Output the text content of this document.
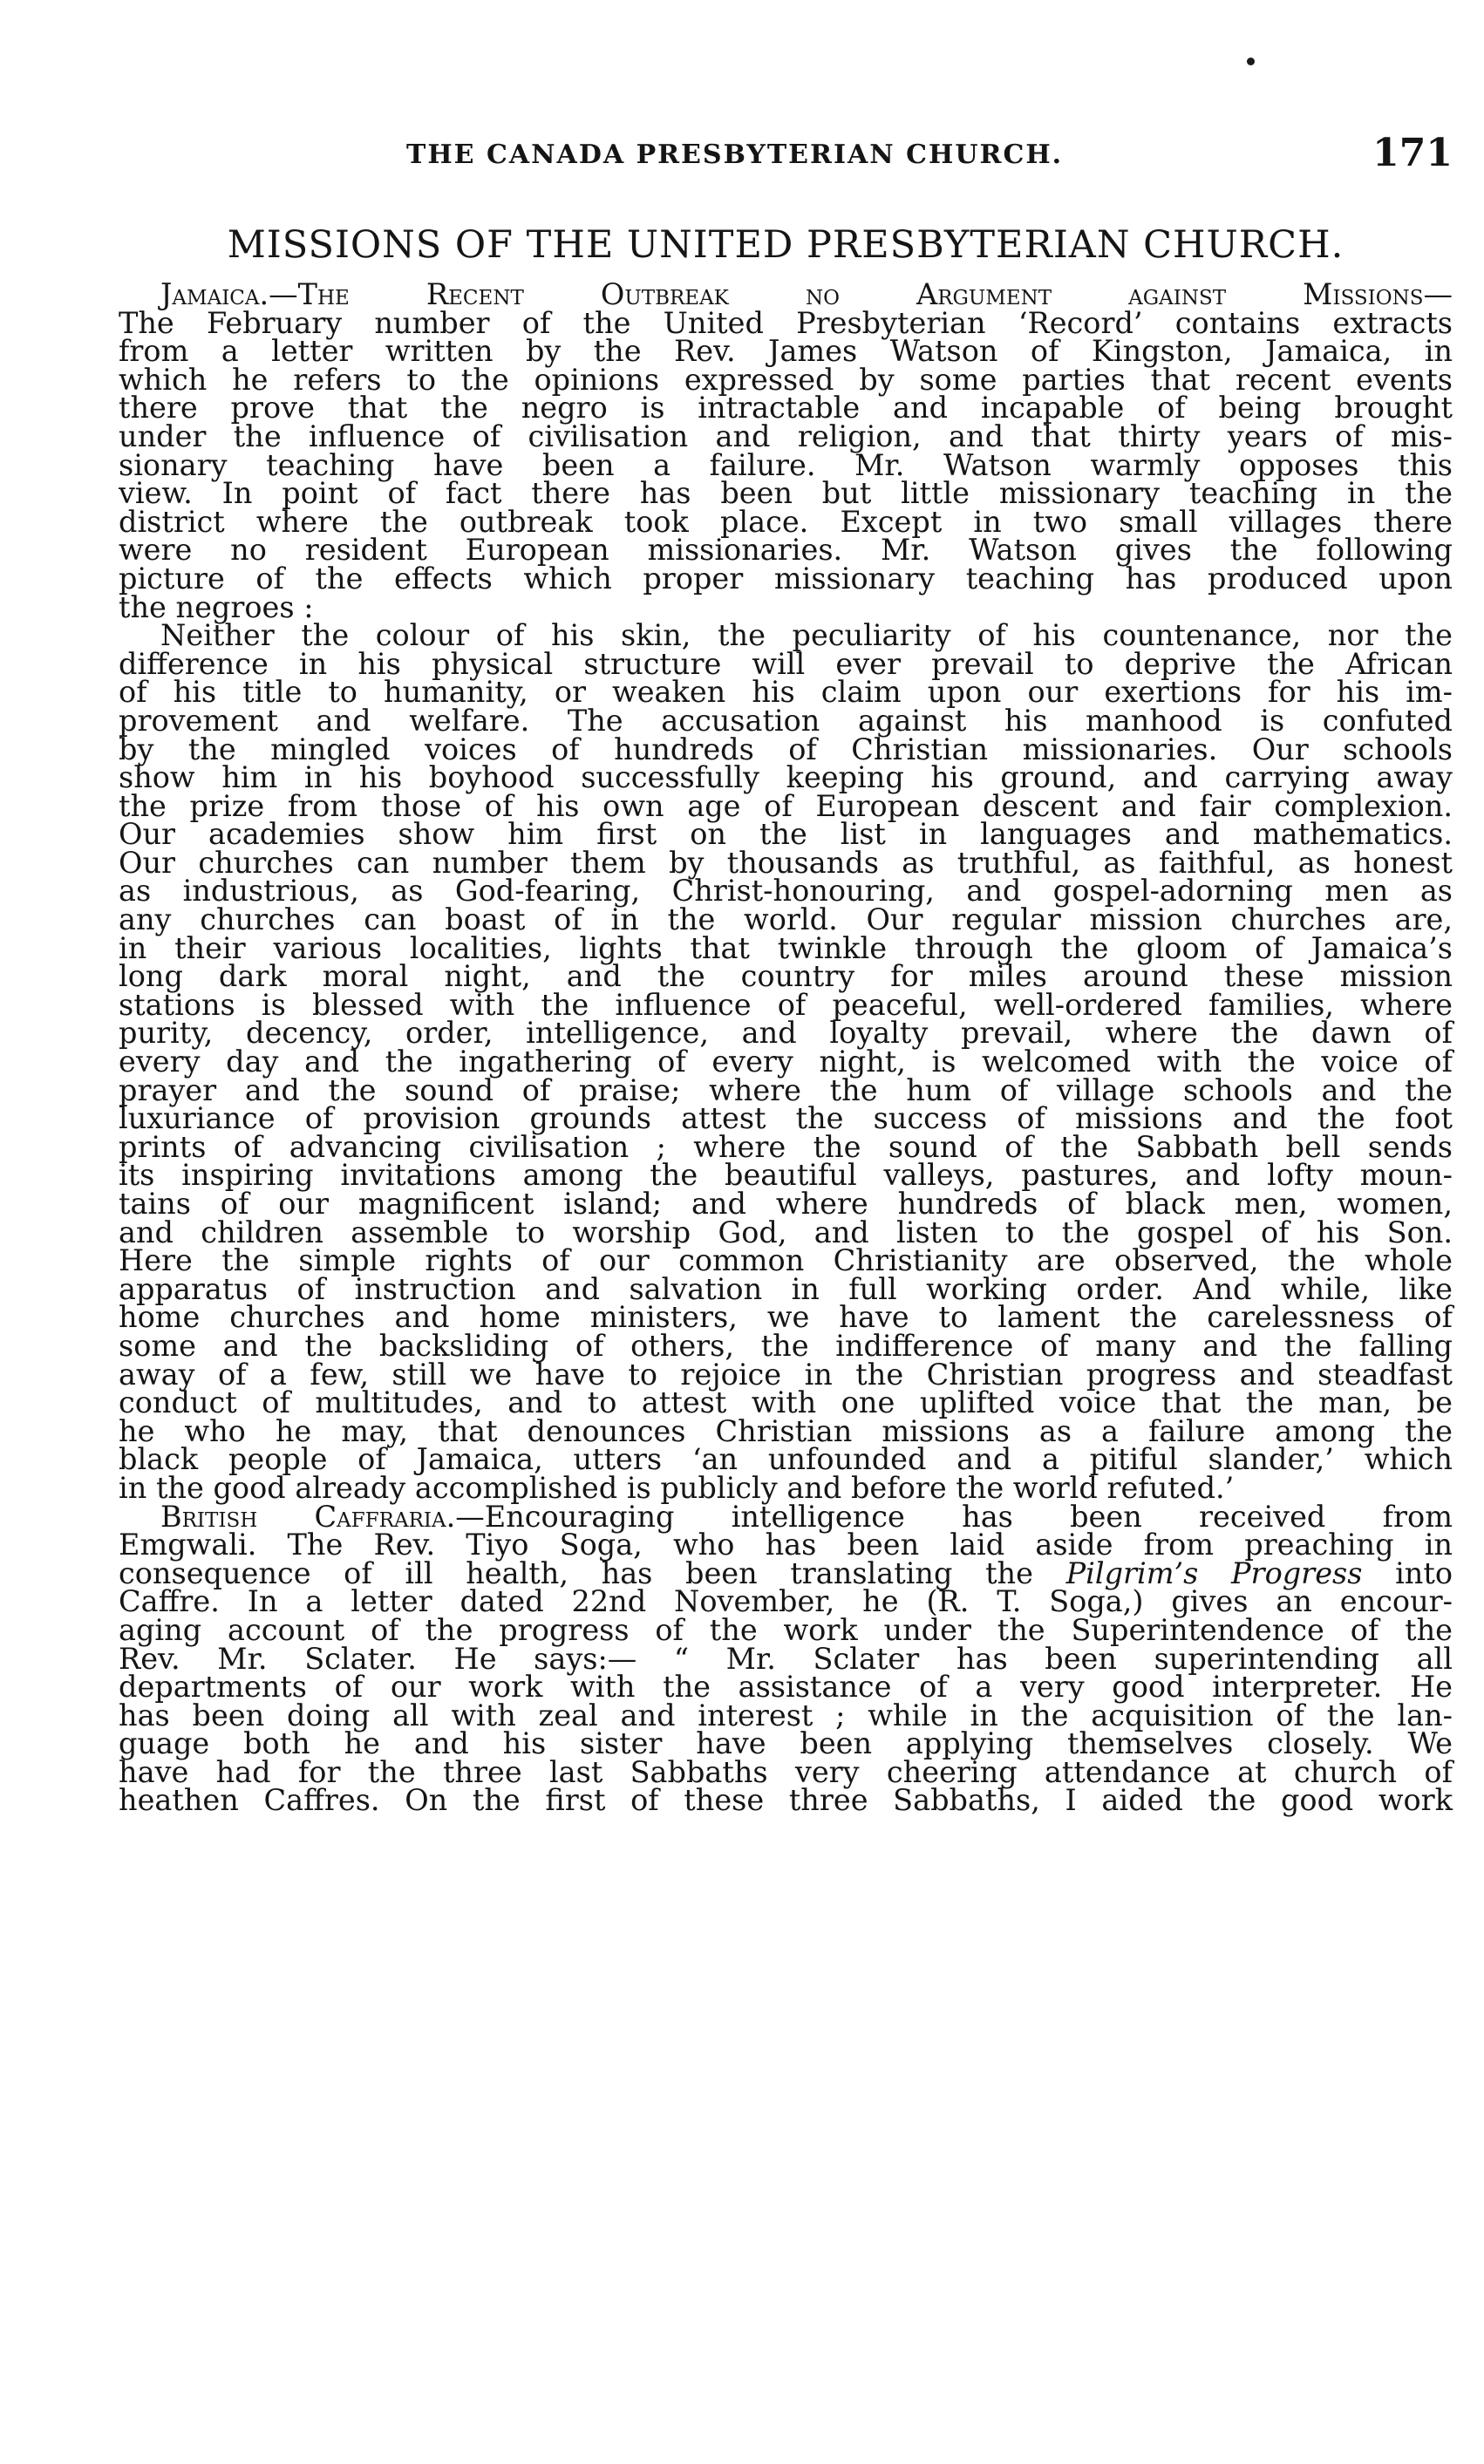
THE CANADA PRESBYTERIAN CHURCH.	171
MISSIONS OF THE UNITED PRESBYTERIAN CHURCH.
Jamaica.—The Recent Outbreak no Argument against Missions—
The February number of the United Presbyterian ‘Record’ contains extracts
from a letter written by the Rev. James Watson of Kingston, Jamaica, in
which he refers to the opinions expressed by some parties that recent events
there prove that the negro is intractable and incapable of being brought
under the influence of civilisation and religion, and that thirty years of mis-
sionary teaching have been a failure. Mr. Watson warmly opposes this
view. In point of fact there has been but little missionary teaching in the
district where the outbreak took place. Except in two small villages there
were no resident European missionaries. Mr. Watson gives the following
picture of the effects which proper missionary teaching has produced upon
the negroes :
Neither the colour of his skin, the peculiarity of his countenance, nor the
difference in his physical structure will ever prevail to deprive the African
of his title to humanity, or weaken his claim upon our exertions for his im-
provement and welfare. The accusation against his manhood is confuted
by the mingled voices of hundreds of Christian missionaries. Our schools
show him in his boyhood successfully keeping his ground, and carrying away
the prize from those of his own age of European descent and fair complexion.
Our academies show him first on the list in languages and mathematics.
Our churches can number them by thousands as truthful, as faithful, as honest
as industrious, as God-fearing, Christ-honouring, and gospel-adorning men as
any churches can boast of in the world. Our regular mission churches are,
in their various localities, lights that twinkle through the gloom of Jamaica’s
long dark moral night, and the country for miles around these mission
stations is blessed with the influence of peaceful, well-ordered families, where
purity, decency, order, intelligence, and loyalty prevail, where the dawn of
every day and the ingathering of every night, is welcomed with the voice of
prayer and the sound of praise; where the hum of village schools and the
luxuriance of provision grounds attest the success of missions and the foot
prints of advancing civilisation ; where the sound of the Sabbath bell sends
its inspiring invitations among the beautiful valleys, pastures, and lofty moun-
tains of our magnificent island; and where hundreds of black men, women,
and children assemble to worship God, and listen to the gospel of his Son.
Here the simple rights of our common Christianity are observed, the whole
apparatus of instruction and salvation in full working order. And while, like
home churches and home ministers, we have to lament the carelessness of
some and the backsliding of others, the indifference of many and the falling
away of a few, still we have to rejoice in the Christian progress and steadfast
conduct of multitudes, and to attest with one uplifted voice that the man, be
he who he may, that denounces Christian missions as a failure among the
black people of Jamaica, utters ‘an unfounded and a pitiful slander,’ which
in the good already accomplished is publicly and before the world refuted.’
British Caffraria.—Encouraging intelligence has been received from
Emgwali. The Rev. Tiyo Soga, who has been laid aside from preaching in
consequence of ill health, has been translating the Pilgrim’s Progress into
Caffre. In a letter dated 22nd November, he (R. T. Soga,) gives an encour-
aging account of the progress of the work under the Superintendence of the
Rev. Mr. Sclater. He says:— “ Mr. Sclater has been superintending all
departments of our work with the assistance of a very good interpreter. He
has been doing all with zeal and interest ; while in the acquisition of the lan-
guage both he and his sister have been applying themselves closely. We
have had for the three last Sabbaths very cheering attendance at church of
heathen Caffres. On the first of these three Sabbaths, I aided the good work
